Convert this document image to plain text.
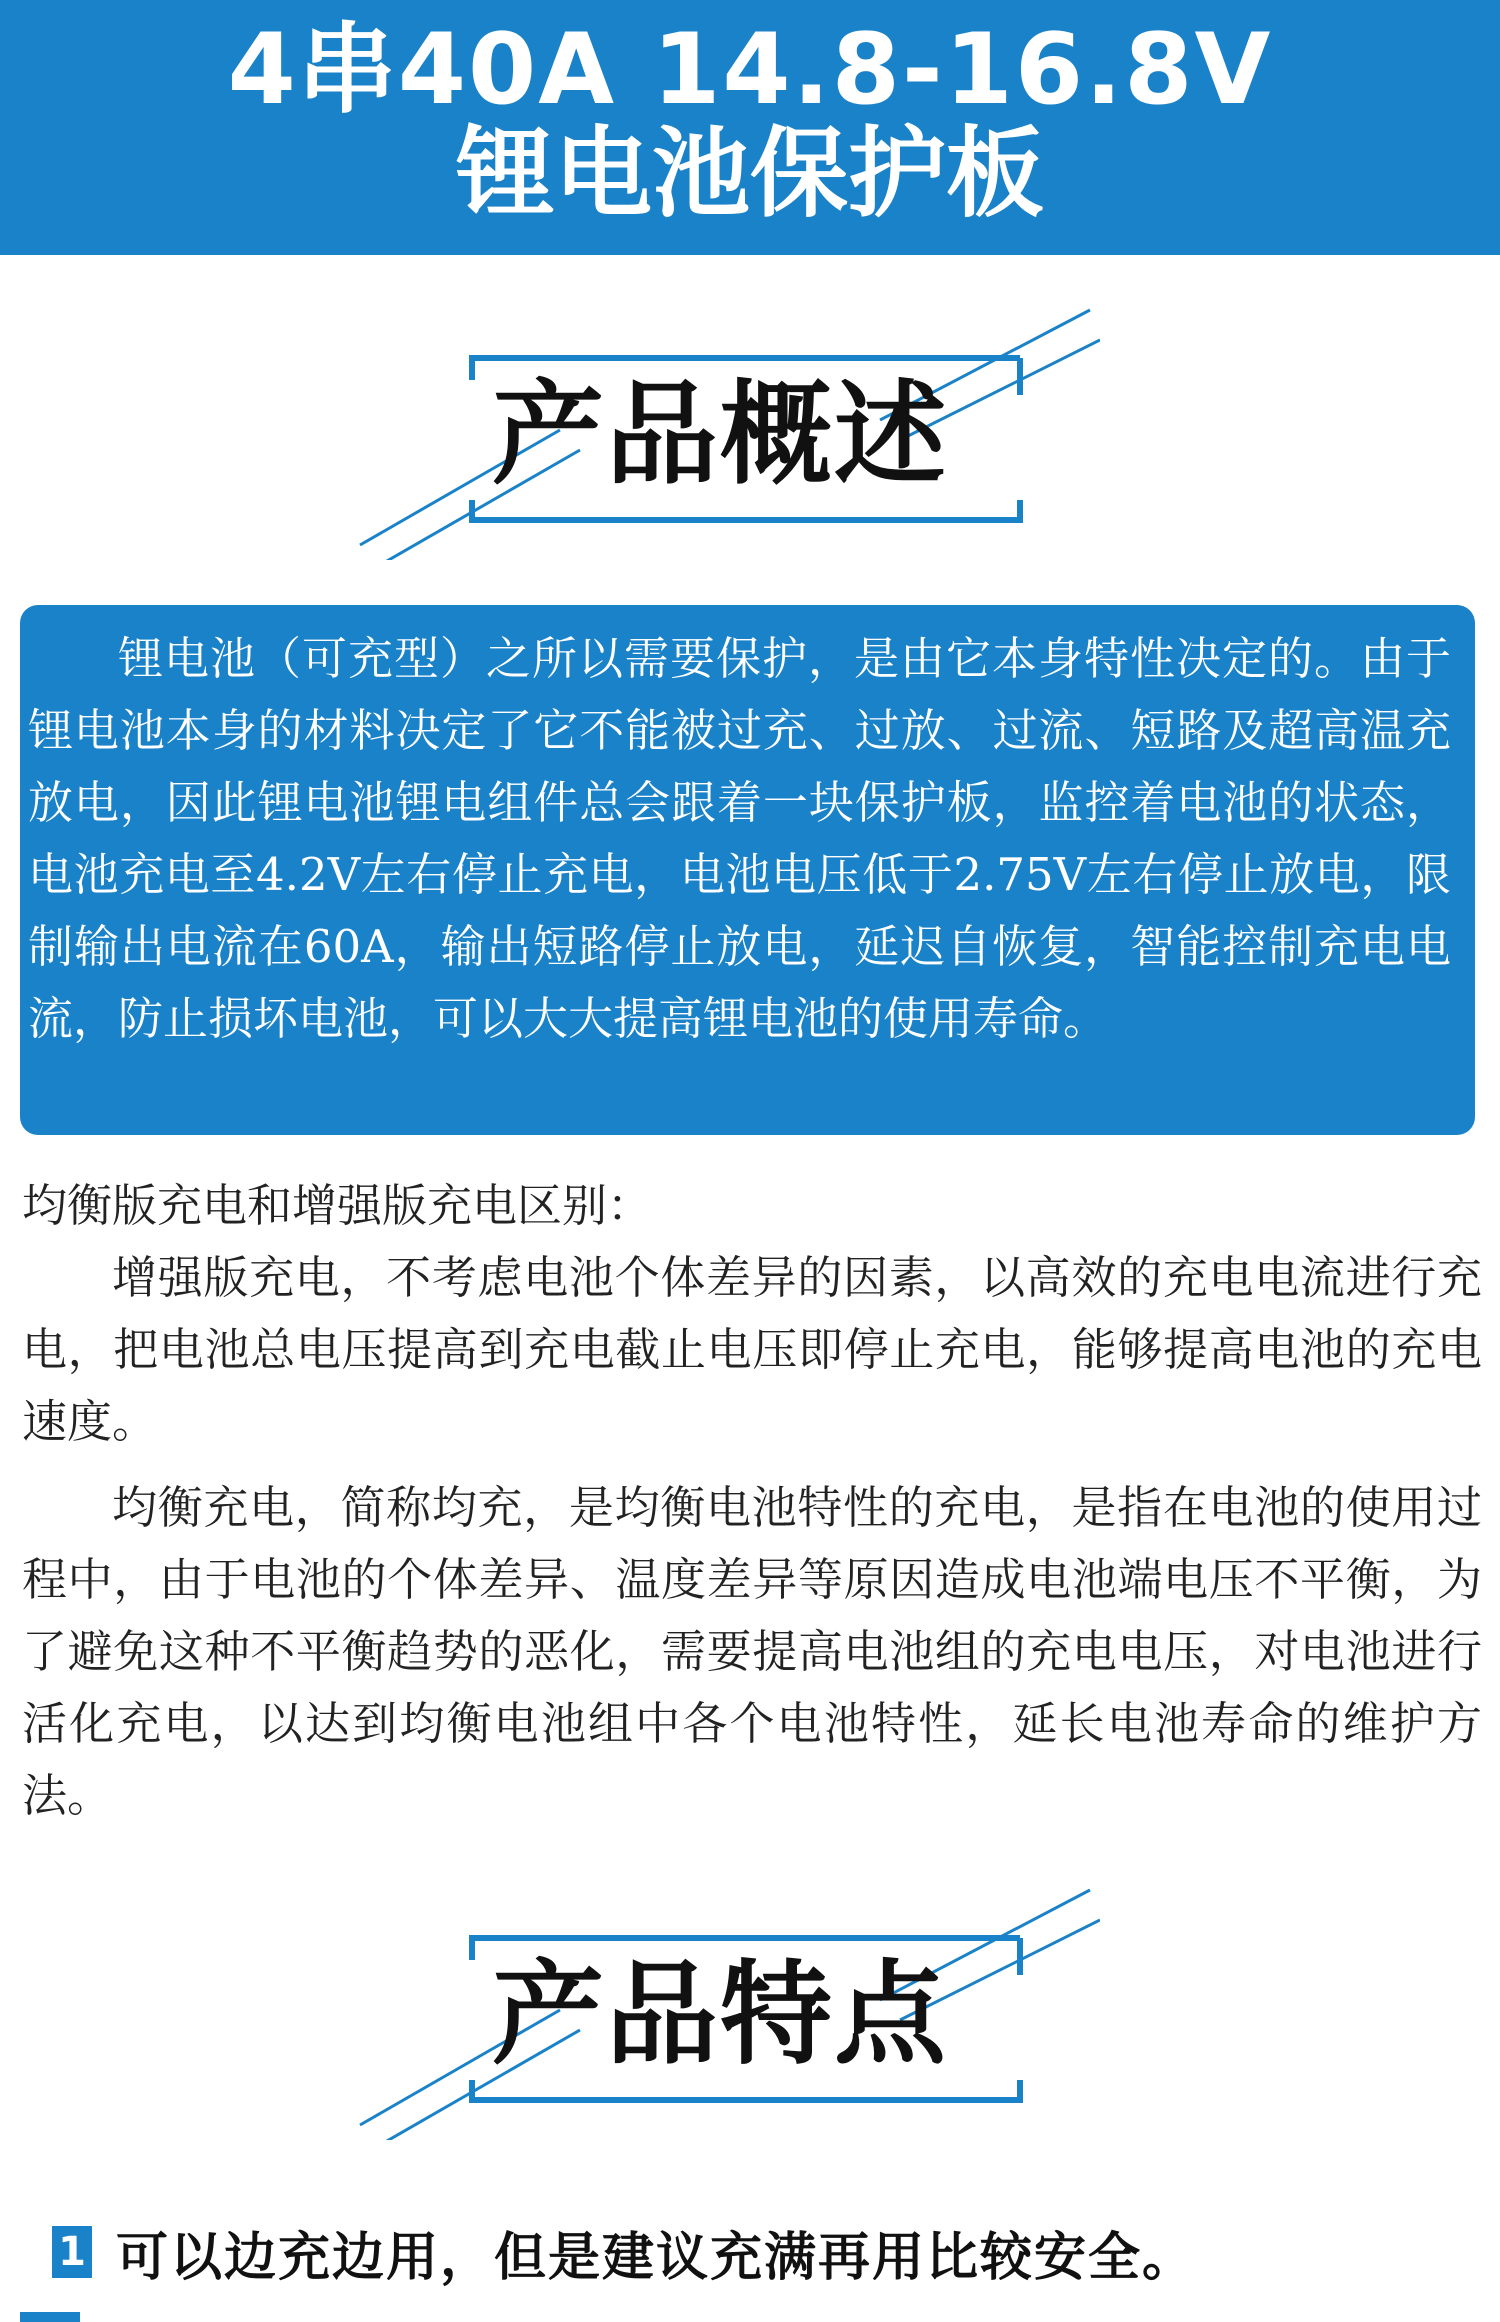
4串40A 14.8-16.8V
锂电池保护板
产品概述

锂电池（可充型）之所以需要保护，是由它本身特性决定的。由于锂电池本身的材料决定了它不能被过充、过放、过流、短路及超高温充放电，因此锂电池锂电组件总会跟着一块保护板，监控着电池的状态，电池充电至4.2V左右停止充电，电池电压低于2.75V左右停止放电，限制输出电流在60A，输出短路停止放电，延迟自恢复，智能控制充电电流，防止损坏电池，可以大大提高锂电池的使用寿命。

均衡版充电和增强版充电区别：

增强版充电，不考虑电池个体差异的因素，以高效的充电电流进行充电，把电池总电压提高到充电截止电压即停止充电，能够提高电池的充电速度。

均衡充电，简称均充，是均衡电池特性的充电，是指在电池的使用过程中，由于电池的个体差异、温度差异等原因造成电池端电压不平衡，为了避免这种不平衡趋势的恶化，需要提高电池组的充电电压，对电池进行活化充电，以达到均衡电池组中各个电池特性，延长电池寿命的维护方法。

产品特点
1 可以边充边用，但是建议充满再用比较安全。
